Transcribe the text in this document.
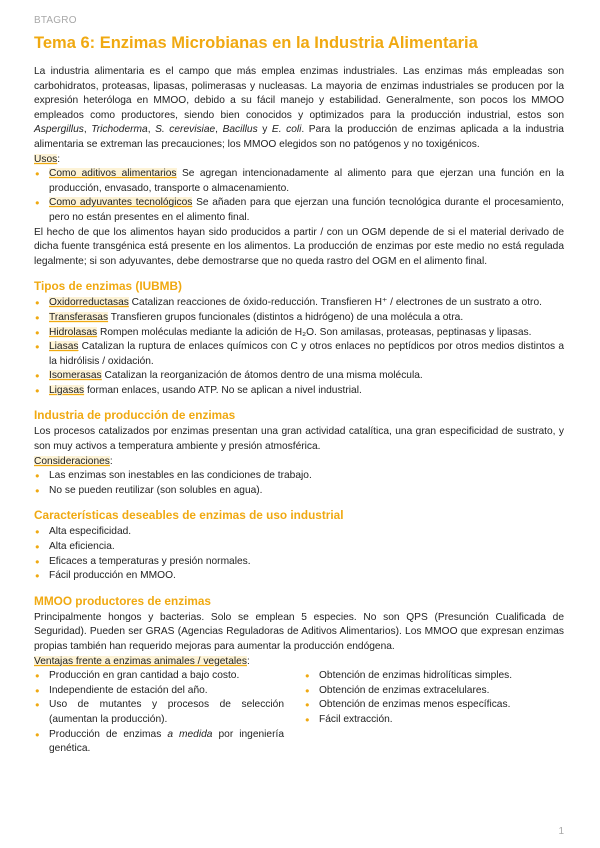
BTAGRO
Tema 6: Enzimas Microbianas en la Industria Alimentaria

La industria alimentaria es el campo que más emplea enzimas industriales. Las enzimas más empleadas son carbohidratos, proteasas, lipasas, polimerasas y nucleasas. La mayoria de enzimas industriales se producen por la expresión heteróloga en MMOO, debido a su fácil manejo y estabilidad. Generalmente, son pocos los MMOO empleados como productores, siendo bien conocidos y optimizados para la producción industrial, estos son Aspergillus, Trichoderma, S. cerevisiae, Bacillus y E. coli. Para la producción de enzimas aplicada a la industria alimentaria se extreman las precauciones; los MMOO elegidos son no patógenos y no toxigénicos.

Usos:

● Como aditivos alimentarios Se agregan intencionadamente al alimento para que ejerzan una función en la producción, envasado, transporte o almacenamiento.
● Como adyuvantes tecnológicos Se añaden para que ejerzan una función tecnológica durante el procesamiento, pero no están presentes en el alimento final.

El hecho de que los alimentos hayan sido producidos a partir / con un OGM depende de si el material derivado de dicha fuente transgénica está presente en los alimentos. La producción de enzimas por este medio no está regulada legalmente; si son adyuvantes, debe demostrarse que no queda rastro del OGM en el alimento final.

Tipos de enzimas (IUBMB)
● Oxidorreductasas Catalizan reacciones de óxido-reducción. Transfieren H⁺ / electrones de un sustrato a otro.
● Transferasas Transfieren grupos funcionales (distintos a hidrógeno) de una molécula a otra.
● Hidrolasas Rompen moléculas mediante la adición de H₂O. Son amilasas, proteasas, peptinasas y lipasas.
● Liasas Catalizan la ruptura de enlaces químicos con C y otros enlaces no peptídicos por otros medios distintos a la hidrólisis / oxidación.
● Isomerasas Catalizan la reorganización de átomos dentro de una misma molécula.
● Ligasas forman enlaces, usando ATP. No se aplican a nivel industrial.
Industria de producción de enzimas

Los procesos catalizados por enzimas presentan una gran actividad catalítica, una gran especificidad de sustrato, y son muy activos a temperatura ambiente y presión atmosférica.

Consideraciones:

● Las enzimas son inestables en las condiciones de trabajo.
● No se pueden reutilizar (son solubles en agua).
Características deseables de enzimas de uso industrial
● Alta especificidad.
● Alta eficiencia.
● Eficaces a temperaturas y presión normales.
● Fácil producción en MMOO.
MMOO productores de enzimas

Principalmente hongos y bacterias. Solo se emplean 5 especies. No son QPS (Presunción Cualificada de Seguridad). Pueden ser GRAS (Agencias Reguladoras de Aditivos Alimentarios). Los MMOO que expresan enzimas propias también han requerido mejoras para aumentar la producción endógena.

Ventajas frente a enzimas animales / vegetales:

● Producción en gran cantidad a bajo costo.
● Independiente de estación del año.
● Uso de mutantes y procesos de selección (aumentan la producción).
● Producción de enzimas a medida por ingeniería genética.
● Obtención de enzimas hidrolíticas simples.
● Obtención de enzimas extracelulares.
● Obtención de enzimas menos específicas.
● Fácil extracción.
1
